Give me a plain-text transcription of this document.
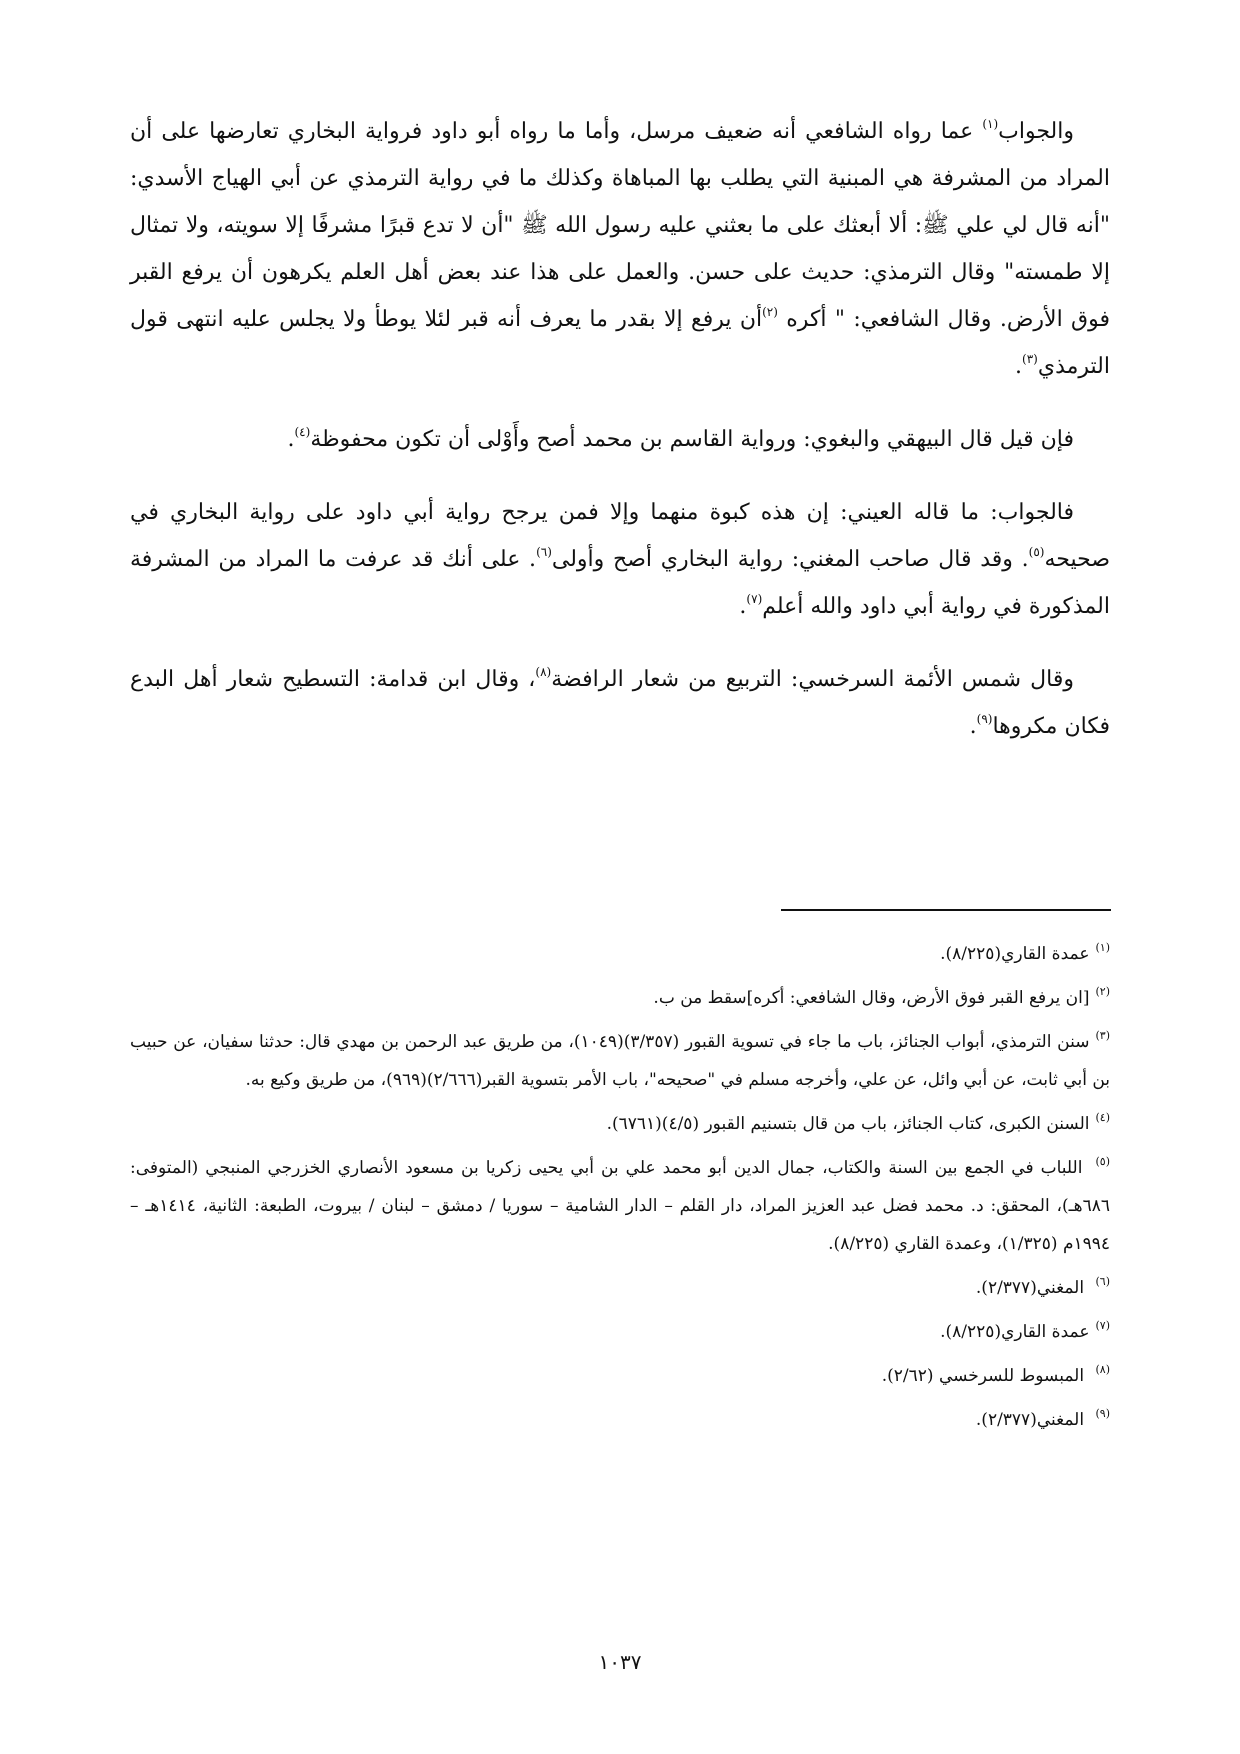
والجواب$^{(١)}$ عما رواه الشافعي أنه ضعيف مرسل، وأما ما رواه أبو داود فرواية البخاري تعارضها على أن المراد من المشرفة هي المبنية التي يطلب بها المباهاة وكذلك ما في رواية الترمذي عن أبي الهياج الأسدي: "أنه قال لي علي ﷺ: ألا أبعثك على ما بعثني عليه رسول الله ﷺ "أن لا تدع قبرًا مشرفًا إلا سويته، ولا تمثال إلا طمسته" وقال الترمذي: حديث على حسن. والعمل على هذا عند بعض أهل العلم يكرهون أن يرفع القبر فوق الأرض. وقال الشافعي: " أكره $^{(٢)}$أن يرفع إلا بقدر ما يعرف أنه قبر لئلا يوطأ ولا يجلس عليه انتهى قول الترمذي$^{(٣)}$.

فإن قيل قال البيهقي والبغوي: ورواية القاسم بن محمد أصح وأَوْلى أن تكون محفوظة$^{(٤)}$.

فالجواب: ما قاله العيني: إن هذه كبوة منهما وإلا فمن يرجح رواية أبي داود على رواية البخاري في صحيحه$^{(٥)}$. وقد قال صاحب المغني: رواية البخاري أصح وأولى$^{(٦)}$. على أنك قد عرفت ما المراد من المشرفة المذكورة في رواية أبي داود والله أعلم$^{(٧)}$.

وقال شمس الأئمة السرخسي: التربيع من شعار الرافضة$^{(٨)}$، وقال ابن قدامة: التسطيح شعار أهل البدع فكان مكروها$^{(٩)}$.

$^{(١)}$عمدة القاري(٨/٢٢٥).

$^{(٢)}$[ان يرفع القبر فوق الأرض، وقال الشافعي: أكره]سقط من ب.

$^{(٣)}$سنن الترمذي، أبواب الجنائز، باب ما جاء في تسوية القبور (٣/٣٥٧)(١٠٤٩)، من طريق عبد الرحمن بن مهدي قال: حدثنا سفيان، عن حبيب بن أبي ثابت، عن أبي وائل، عن علي، وأخرجه مسلم في "صحيحه"، باب الأمر بتسوية القبر(٢/٦٦٦)(٩٦٩)، من طريق وكيع به.

$^{(٤)}$السنن الكبرى، كتاب الجنائز، باب من قال بتسنيم القبور (٤/٥)(٦٧٦١).

$^{(٥)}$ اللباب في الجمع بين السنة والكتاب، جمال الدين أبو محمد علي بن أبي يحيى زكريا بن مسعود الأنصاري الخزرجي المنبجي (المتوفى: ٦٨٦هـ)، المحقق: د. محمد فضل عبد العزيز المراد، دار القلم – الدار الشامية – سوريا / دمشق – لبنان / بيروت، الطبعة: الثانية، ١٤١٤هـ – ١٩٩٤م (١/٣٢٥)، وعمدة القاري (٨/٢٢٥).

$^{(٦)}$ المغني(٢/٣٧٧).

$^{(٧)}$عمدة القاري(٨/٢٢٥).

$^{(٨)}$ المبسوط للسرخسي (٢/٦٢).

$^{(٩)}$ المغني(٢/٣٧٧).

١٠٣٧
